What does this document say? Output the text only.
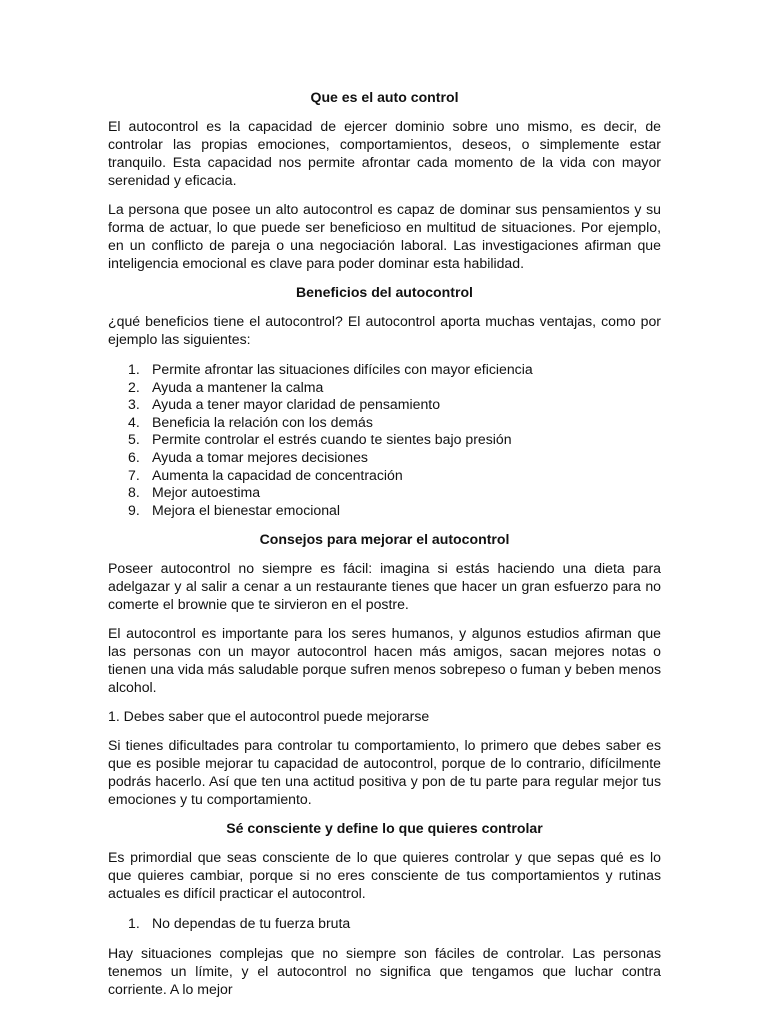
Que es el auto control

El autocontrol es la capacidad de ejercer dominio sobre uno mismo, es decir, de controlar las propias emociones, comportamientos, deseos, o simplemente estar tranquilo. Esta capacidad nos permite afrontar cada momento de la vida con mayor serenidad y eficacia.

La persona que posee un alto autocontrol es capaz de dominar sus pensamientos y su forma de actuar, lo que puede ser beneficioso en multitud de situaciones. Por ejemplo, en un conflicto de pareja o una negociación laboral. Las investigaciones afirman que inteligencia emocional es clave para poder dominar esta habilidad.

Beneficios del autocontrol

¿qué beneficios tiene el autocontrol? El autocontrol aporta muchas ventajas, como por ejemplo las siguientes:

1. Permite afrontar las situaciones difíciles con mayor eficiencia
2. Ayuda a mantener la calma
3. Ayuda a tener mayor claridad de pensamiento
4. Beneficia la relación con los demás
5. Permite controlar el estrés cuando te sientes bajo presión
6. Ayuda a tomar mejores decisiones
7. Aumenta la capacidad de concentración
8. Mejor autoestima
9. Mejora el bienestar emocional
Consejos para mejorar el autocontrol

Poseer autocontrol no siempre es fácil: imagina si estás haciendo una dieta para adelgazar y al salir a cenar a un restaurante tienes que hacer un gran esfuerzo para no comerte el brownie que te sirvieron en el postre.

El autocontrol es importante para los seres humanos, y algunos estudios afirman que las personas con un mayor autocontrol hacen más amigos, sacan mejores notas o tienen una vida más saludable porque sufren menos sobrepeso o fuman y beben menos alcohol.

1. Debes saber que el autocontrol puede mejorarse

Si tienes dificultades para controlar tu comportamiento, lo primero que debes saber es que es posible mejorar tu capacidad de autocontrol, porque de lo contrario, difícilmente podrás hacerlo. Así que ten una actitud positiva y pon de tu parte para regular mejor tus emociones y tu comportamiento.

Sé consciente y define lo que quieres controlar

Es primordial que seas consciente de lo que quieres controlar y que sepas qué es lo que quieres cambiar, porque si no eres consciente de tus comportamientos y rutinas actuales es difícil practicar el autocontrol.

1. No dependas de tu fuerza bruta

Hay situaciones complejas que no siempre son fáciles de controlar. Las personas tenemos un límite, y el autocontrol no significa que tengamos que luchar contra corriente. A lo mejor
